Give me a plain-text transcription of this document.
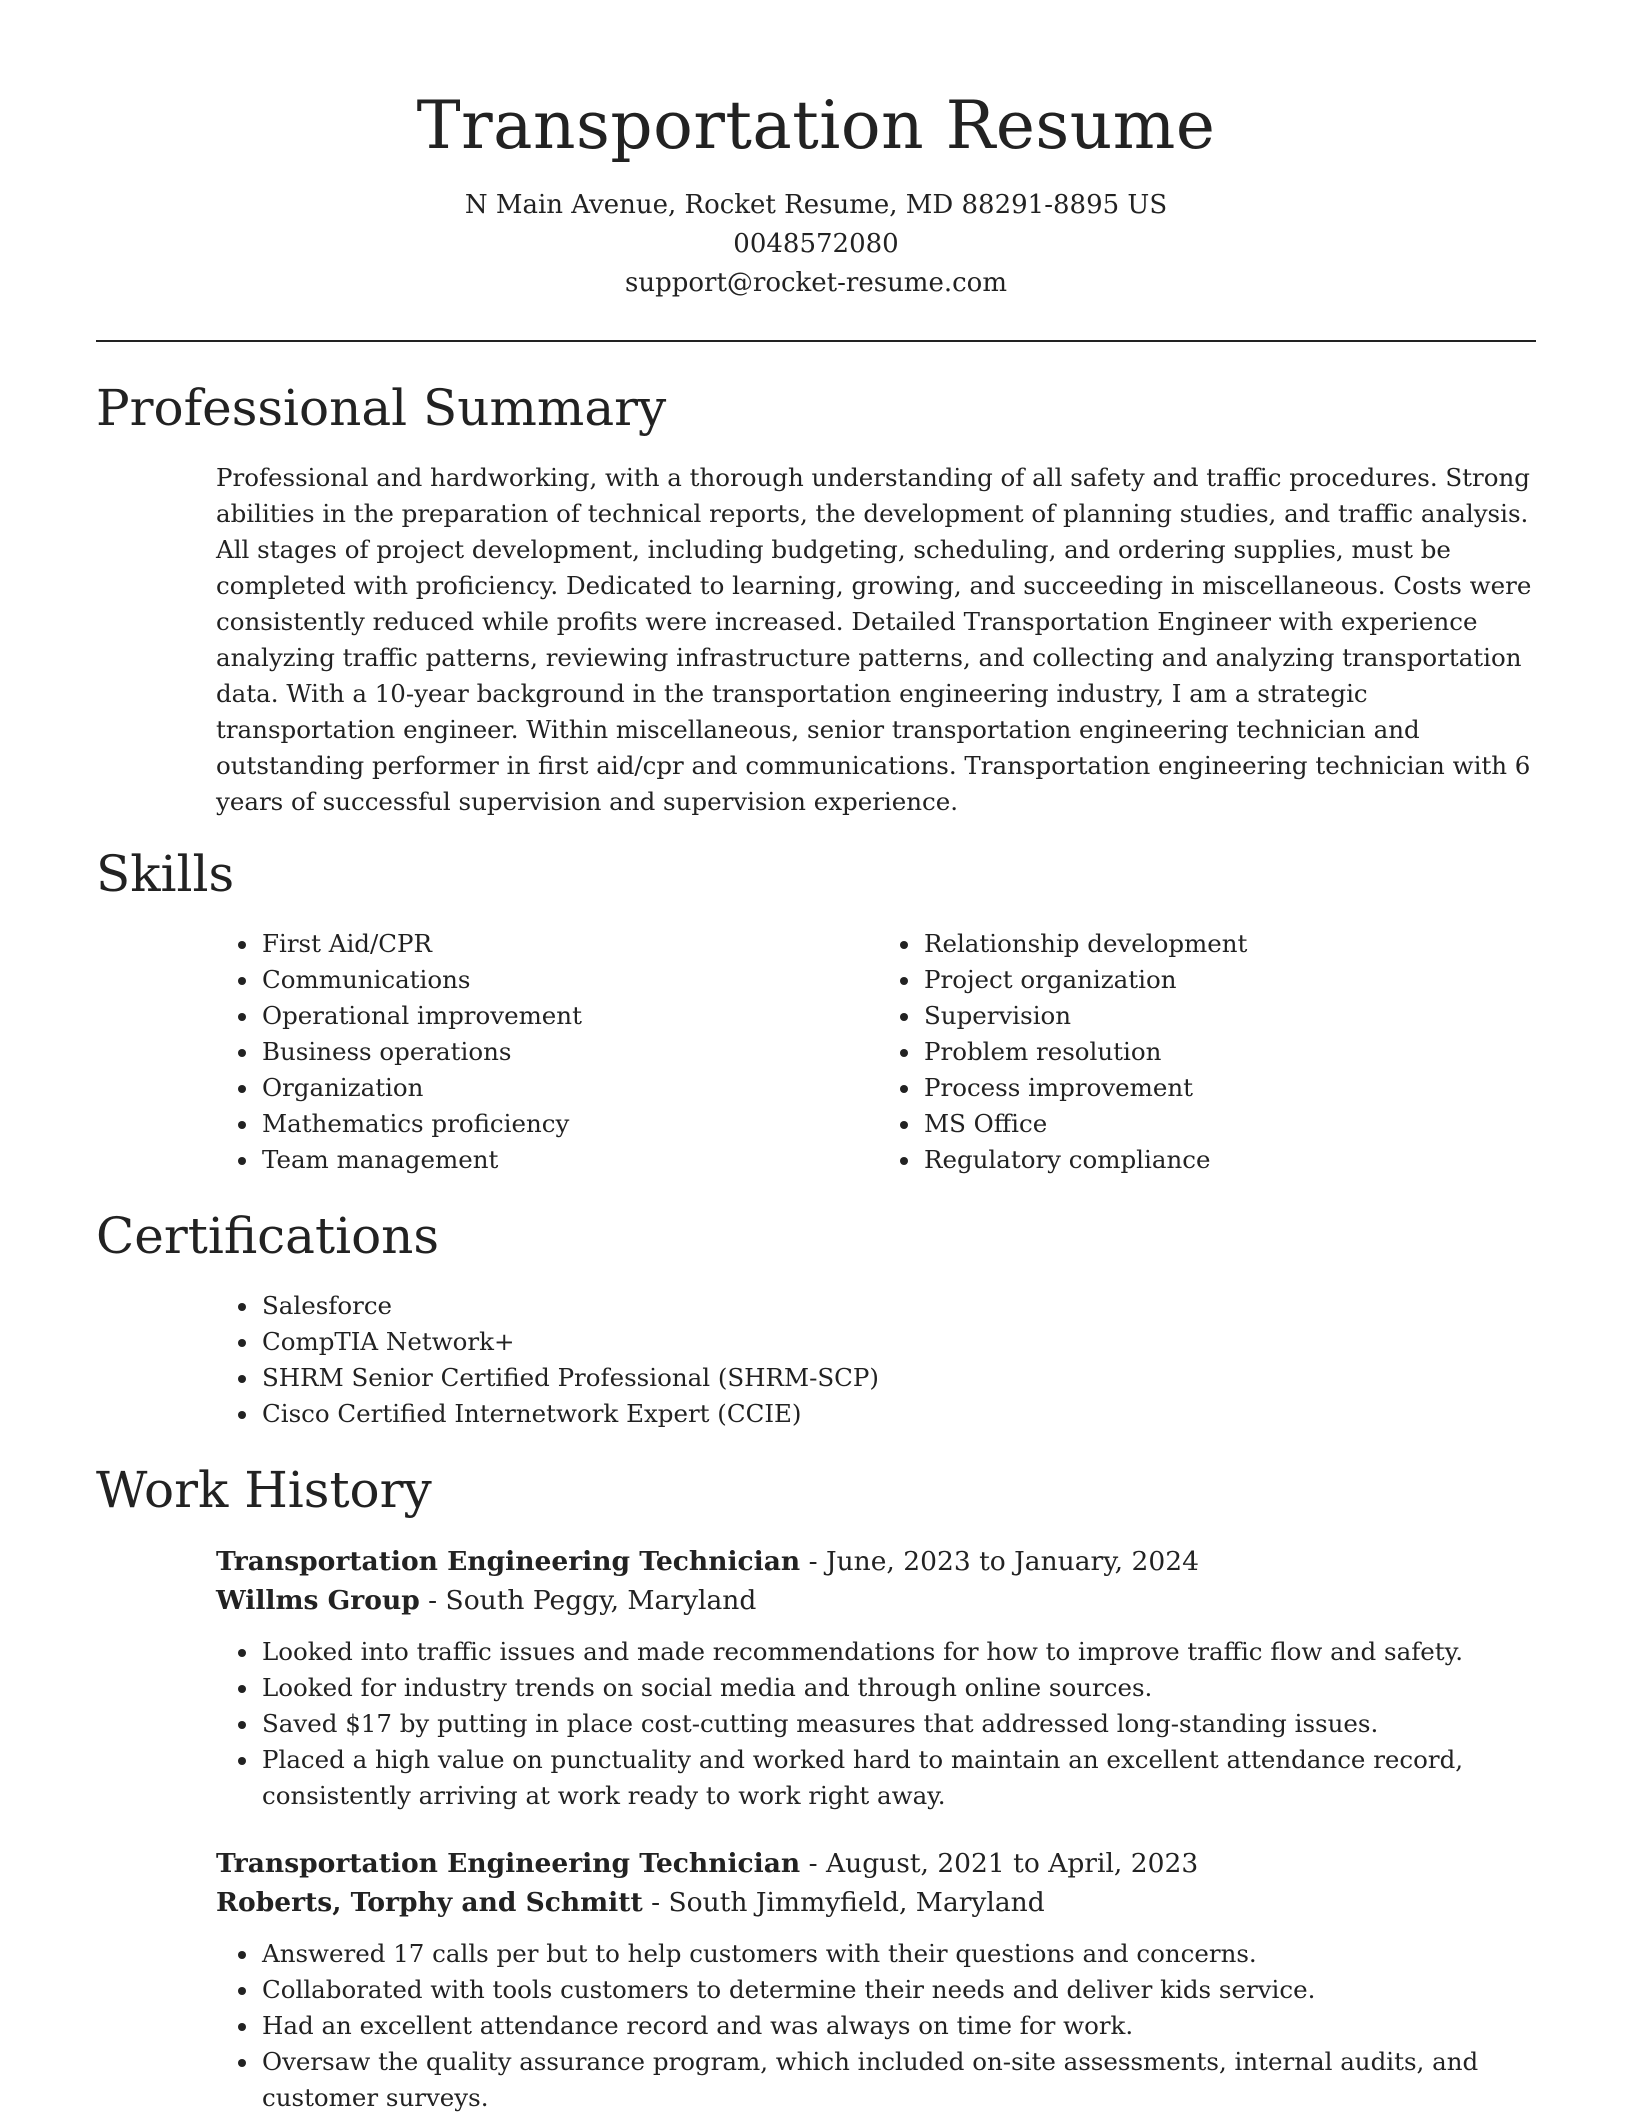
Transportation Resume
N Main Avenue, Rocket Resume, MD 88291-8895 US
0048572080
support@rocket-resume.com
Professional Summary

Professional and hardworking, with a thorough understanding of all safety and traffic procedures. Strong abilities in the preparation of technical reports, the development of planning studies, and traffic analysis. All stages of project development, including budgeting, scheduling, and ordering supplies, must be completed with proficiency. Dedicated to learning, growing, and succeeding in miscellaneous. Costs were consistently reduced while profits were increased. Detailed Transportation Engineer with experience analyzing traffic patterns, reviewing infrastructure patterns, and collecting and analyzing transportation data. With a 10-year background in the transportation engineering industry, I am a strategic transportation engineer. Within miscellaneous, senior transportation engineering technician and outstanding performer in first aid/cpr and communications. Transportation engineering technician with 6 years of successful supervision and supervision experience.

Skills
• First Aid/CPR
• Communications
• Operational improvement
• Business operations
• Organization
• Mathematics proficiency
• Team management
• Relationship development
• Project organization
• Supervision
• Problem resolution
• Process improvement
• MS Office
• Regulatory compliance
Certifications
• Salesforce
• CompTIA Network+
• SHRM Senior Certified Professional (SHRM-SCP)
• Cisco Certified Internetwork Expert (CCIE)
Work History
Transportation Engineering Technician - June, 2023 to January, 2024
Willms Group - South Peggy, Maryland
• Looked into traffic issues and made recommendations for how to improve traffic flow and safety.
• Looked for industry trends on social media and through online sources.
• Saved $17 by putting in place cost-cutting measures that addressed long-standing issues.
• Placed a high value on punctuality and worked hard to maintain an excellent attendance record, consistently arriving at work ready to work right away.
Transportation Engineering Technician - August, 2021 to April, 2023
Roberts, Torphy and Schmitt - South Jimmyfield, Maryland
• Answered 17 calls per but to help customers with their questions and concerns.
• Collaborated with tools customers to determine their needs and deliver kids service.
• Had an excellent attendance record and was always on time for work.
• Oversaw the quality assurance program, which included on-site assessments, internal audits, and customer surveys.
